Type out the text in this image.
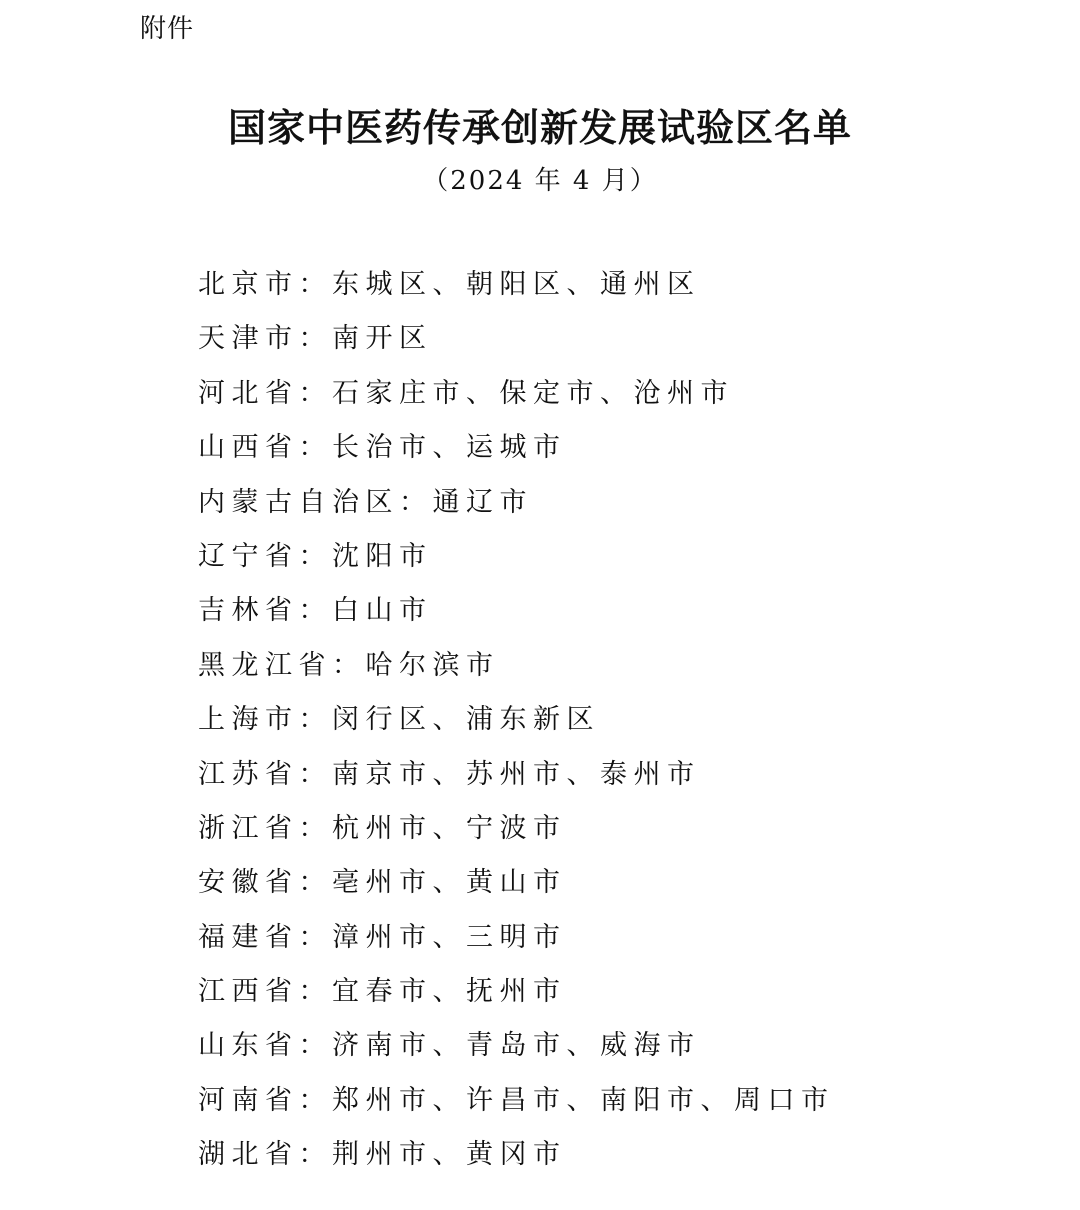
附件
国家中医药传承创新发展试验区名单
（2024 年 4 月）
北京市：东城区、朝阳区、通州区
天津市：南开区
河北省：石家庄市、保定市、沧州市
山西省：长治市、运城市
内蒙古自治区：通辽市
辽宁省：沈阳市
吉林省：白山市
黑龙江省：哈尔滨市
上海市：闵行区、浦东新区
江苏省：南京市、苏州市、泰州市
浙江省：杭州市、宁波市
安徽省：亳州市、黄山市
福建省：漳州市、三明市
江西省：宜春市、抚州市
山东省：济南市、青岛市、威海市
河南省：郑州市、许昌市、南阳市、周口市
湖北省：荆州市、黄冈市
